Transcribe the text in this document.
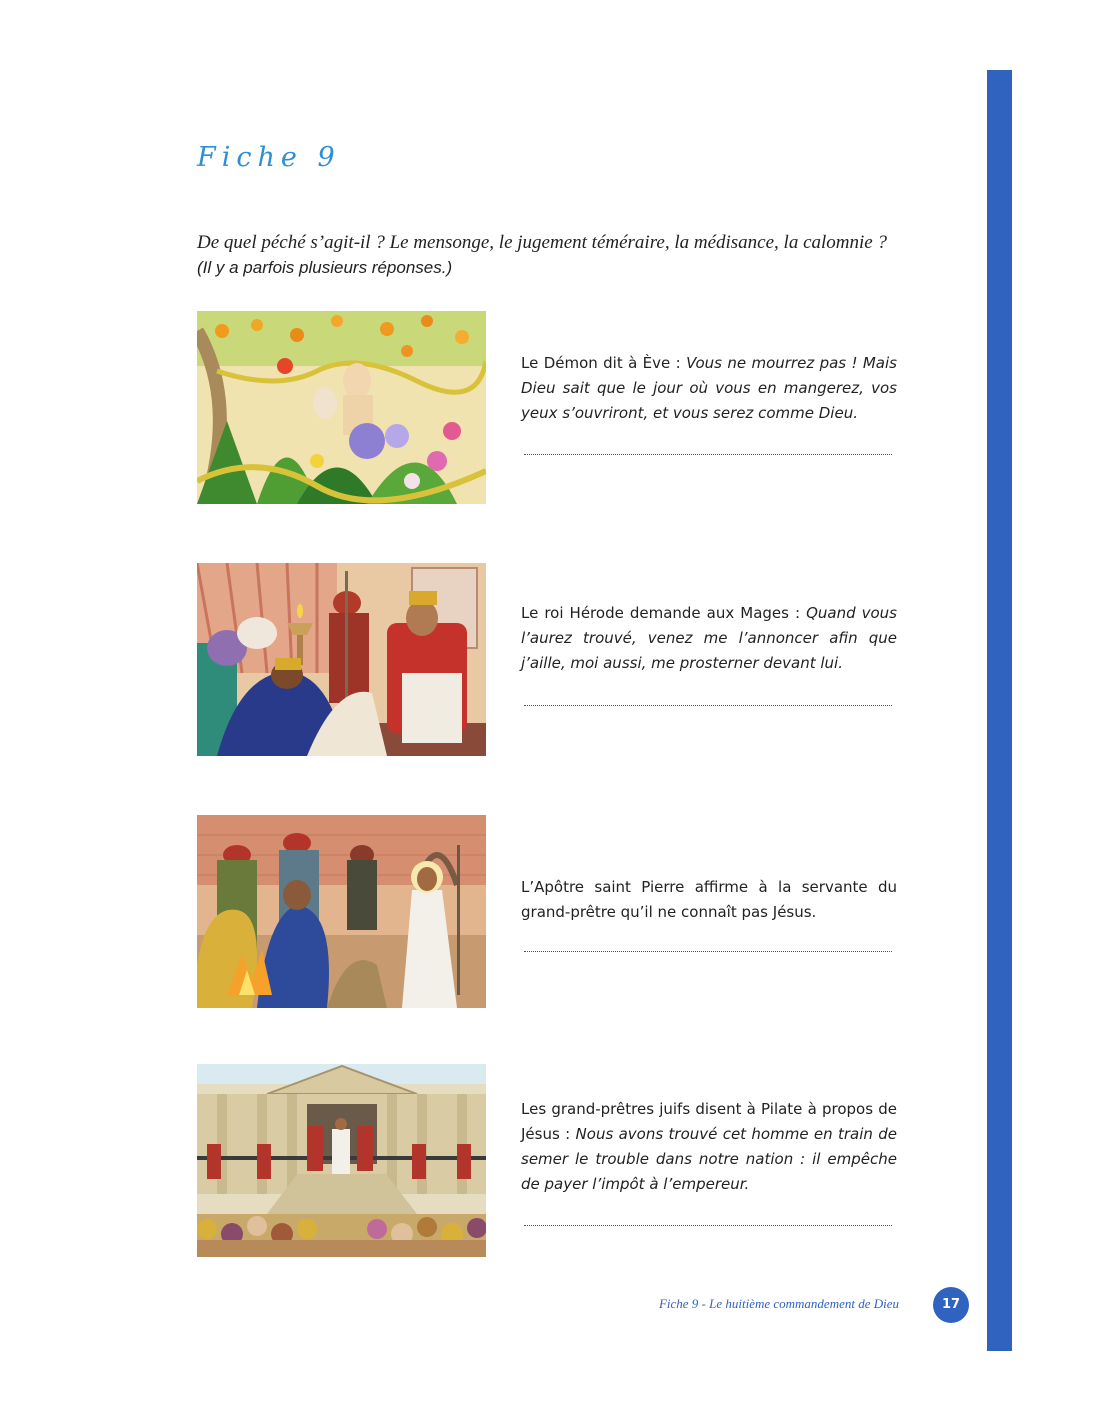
Fiche 9

De quel péché s’agit-il ? Le mensonge, le jugement téméraire, la médisance, la calomnie ? (Il y a parfois plusieurs réponses.)

Le Démon dit à Ève : Vous ne mourrez pas ! Mais Dieu sait que le jour où vous en mangerez, vos yeux s’ouvriront, et vous serez comme Dieu.

Le roi Hérode demande aux Mages : Quand vous l’aurez trouvé, venez me l’annoncer afin que j’aille, moi aussi, me prosterner devant lui.

L’Apôtre saint Pierre affirme à la servante du grand-prêtre qu’il ne connaît pas Jésus.

Les grand-prêtres juifs disent à Pilate à propos de Jésus : Nous avons trouvé cet homme en train de semer le trouble dans notre nation : il empêche de payer l’impôt à l’empereur.

Fiche 9 - Le huitième commandement de Dieu	17
